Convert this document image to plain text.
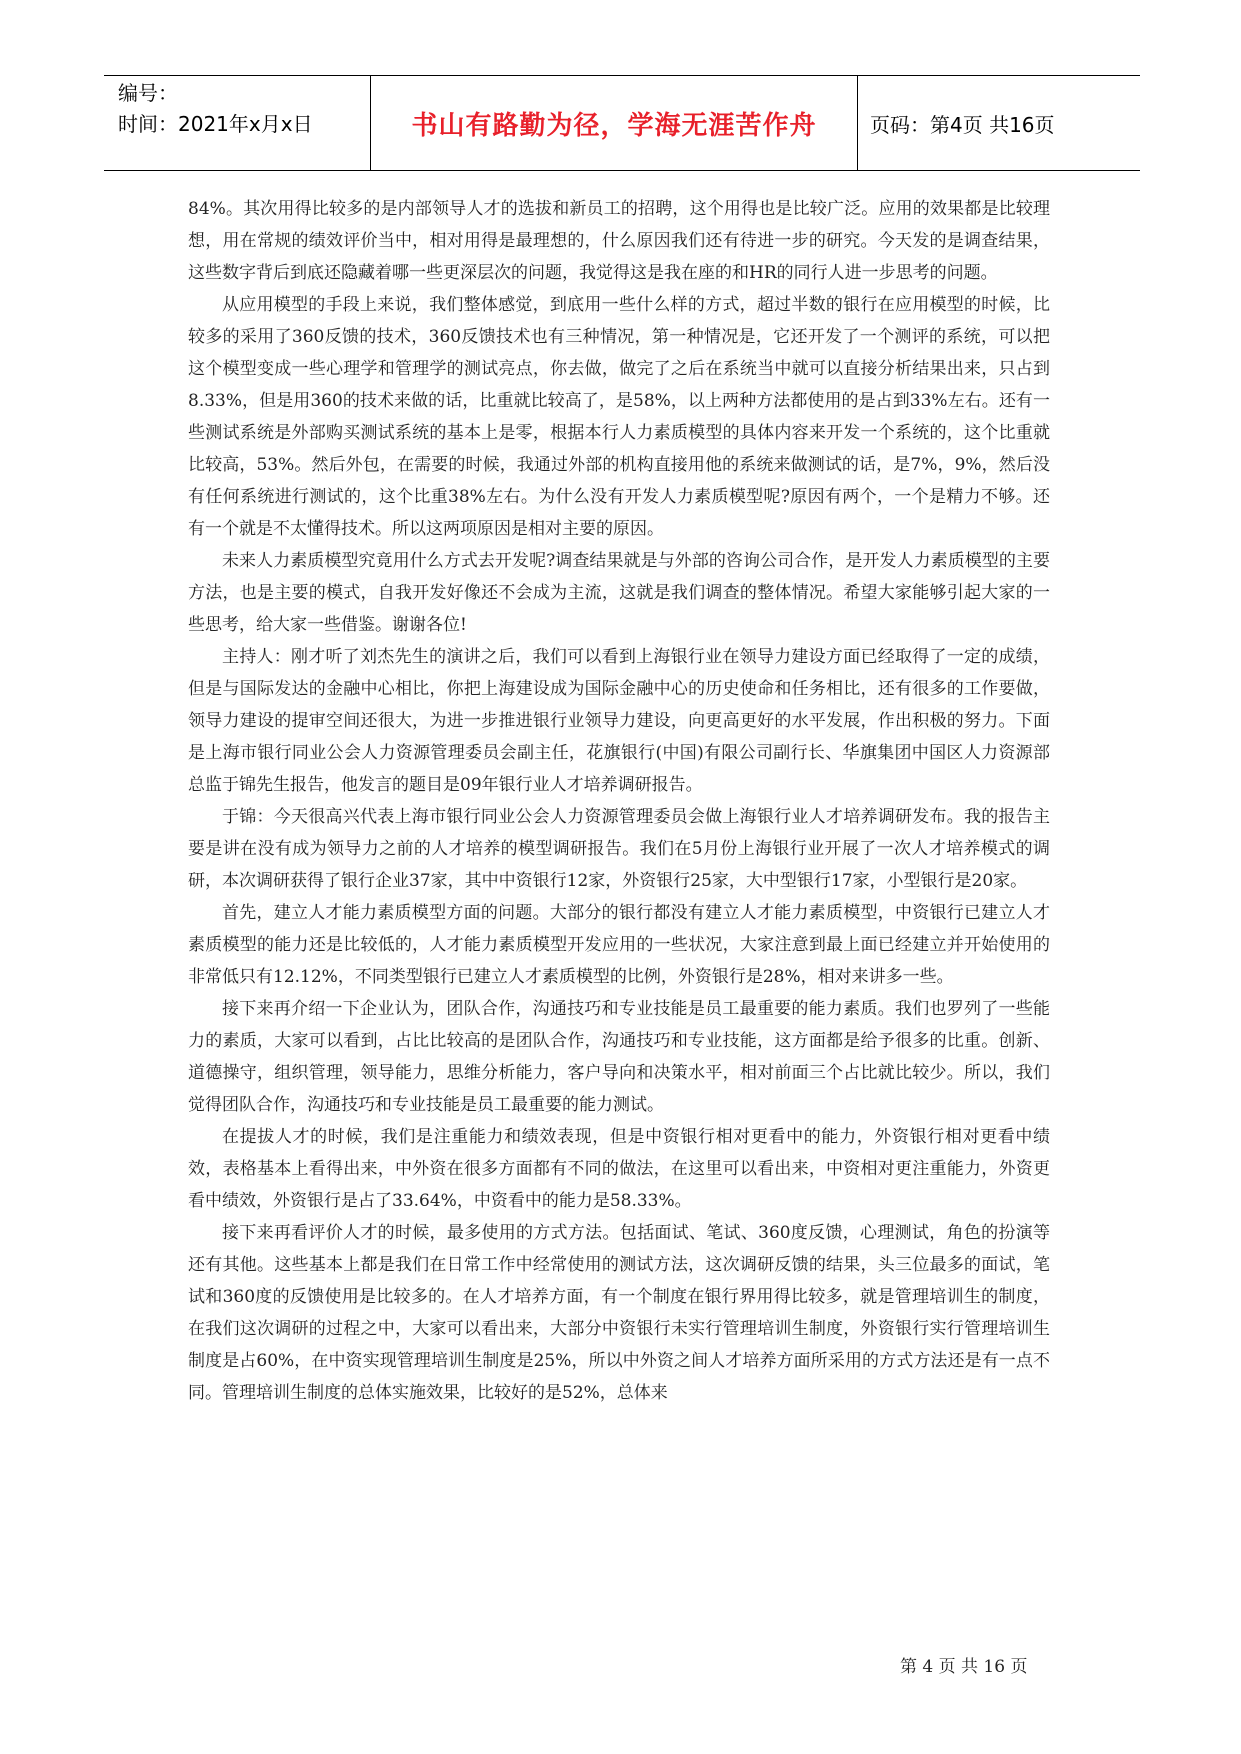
编号：
时间：2021年x月x日	书山有路勤为径，学海无涯苦作舟	页码：第4页 共16页

84%。其次用得比较多的是内部领导人才的选拔和新员工的招聘，这个用得也是比较广泛。应用的效果都是比较理想，用在常规的绩效评价当中，相对用得是最理想的，什么原因我们还有待进一步的研究。今天发的是调查结果，这些数字背后到底还隐藏着哪一些更深层次的问题，我觉得这是我在座的和HR的同行人进一步思考的问题。

从应用模型的手段上来说，我们整体感觉，到底用一些什么样的方式，超过半数的银行在应用模型的时候，比较多的采用了360反馈的技术，360反馈技术也有三种情况，第一种情况是，它还开发了一个测评的系统，可以把这个模型变成一些心理学和管理学的测试亮点，你去做，做完了之后在系统当中就可以直接分析结果出来，只占到8.33%，但是用360的技术来做的话，比重就比较高了，是58%，以上两种方法都使用的是占到33%左右。还有一些测试系统是外部购买测试系统的基本上是零，根据本行人力素质模型的具体内容来开发一个系统的，这个比重就比较高，53%。然后外包，在需要的时候，我通过外部的机构直接用他的系统来做测试的话，是7%，9%，然后没有任何系统进行测试的，这个比重38%左右。为什么没有开发人力素质模型呢?原因有两个，一个是精力不够。还有一个就是不太懂得技术。所以这两项原因是相对主要的原因。

未来人力素质模型究竟用什么方式去开发呢?调查结果就是与外部的咨询公司合作，是开发人力素质模型的主要方法，也是主要的模式，自我开发好像还不会成为主流，这就是我们调查的整体情况。希望大家能够引起大家的一些思考，给大家一些借鉴。谢谢各位!

主持人：刚才听了刘杰先生的演讲之后，我们可以看到上海银行业在领导力建设方面已经取得了一定的成绩，但是与国际发达的金融中心相比，你把上海建设成为国际金融中心的历史使命和任务相比，还有很多的工作要做，领导力建设的提审空间还很大，为进一步推进银行业领导力建设，向更高更好的水平发展，作出积极的努力。下面是上海市银行同业公会人力资源管理委员会副主任，花旗银行(中国)有限公司副行长、华旗集团中国区人力资源部总监于锦先生报告，他发言的题目是09年银行业人才培养调研报告。

于锦：今天很高兴代表上海市银行同业公会人力资源管理委员会做上海银行业人才培养调研发布。我的报告主要是讲在没有成为领导力之前的人才培养的模型调研报告。我们在5月份上海银行业开展了一次人才培养模式的调研，本次调研获得了银行企业37家，其中中资银行12家，外资银行25家，大中型银行17家，小型银行是20家。

首先，建立人才能力素质模型方面的问题。大部分的银行都没有建立人才能力素质模型，中资银行已建立人才素质模型的能力还是比较低的，人才能力素质模型开发应用的一些状况，大家注意到最上面已经建立并开始使用的非常低只有12.12%，不同类型银行已建立人才素质模型的比例，外资银行是28%，相对来讲多一些。

接下来再介绍一下企业认为，团队合作，沟通技巧和专业技能是员工最重要的能力素质。我们也罗列了一些能力的素质，大家可以看到，占比比较高的是团队合作，沟通技巧和专业技能，这方面都是给予很多的比重。创新、道德操守，组织管理，领导能力，思维分析能力，客户导向和决策水平，相对前面三个占比就比较少。所以，我们觉得团队合作，沟通技巧和专业技能是员工最重要的能力测试。

在提拔人才的时候，我们是注重能力和绩效表现，但是中资银行相对更看中的能力，外资银行相对更看中绩效，表格基本上看得出来，中外资在很多方面都有不同的做法，在这里可以看出来，中资相对更注重能力，外资更看中绩效，外资银行是占了33.64%，中资看中的能力是58.33%。

接下来再看评价人才的时候，最多使用的方式方法。包括面试、笔试、360度反馈，心理测试，角色的扮演等还有其他。这些基本上都是我们在日常工作中经常使用的测试方法，这次调研反馈的结果，头三位最多的面试，笔试和360度的反馈使用是比较多的。在人才培养方面，有一个制度在银行界用得比较多，就是管理培训生的制度，在我们这次调研的过程之中，大家可以看出来，大部分中资银行未实行管理培训生制度，外资银行实行管理培训生制度是占60%，在中资实现管理培训生制度是25%，所以中外资之间人才培养方面所采用的方式方法还是有一点不同。管理培训生制度的总体实施效果，比较好的是52%，总体来

第 4 页 共 16 页
